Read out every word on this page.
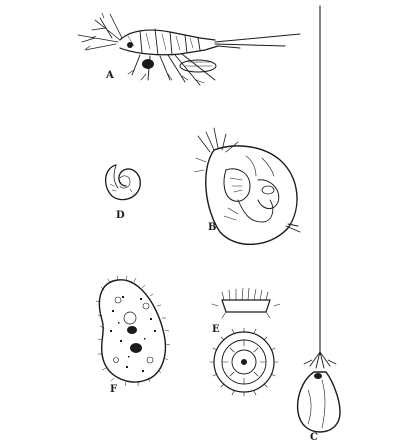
A
D
B
C
E
F
